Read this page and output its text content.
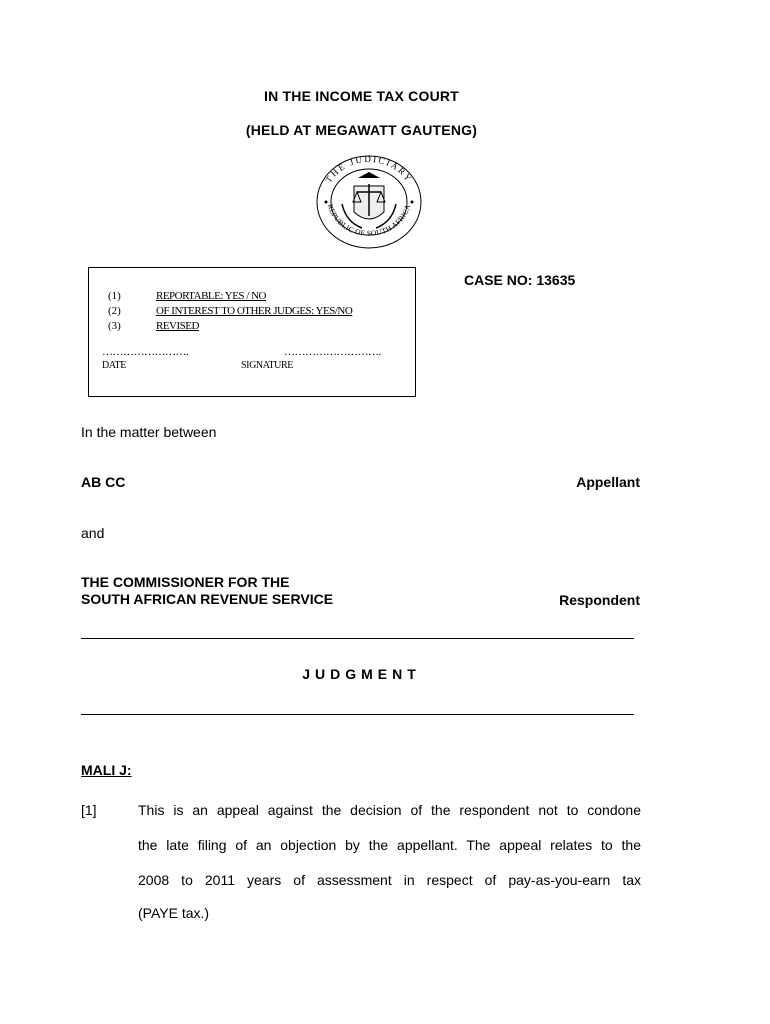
IN THE INCOME TAX COURT
(HELD AT MEGAWATT GAUTENG)
THE JUDICIARY
REPUBLIC OF SOUTH AFRICA
(1)	REPORTABLE: YES / NO
(2)	OF INTEREST TO OTHER JUDGES: YES/NO
(3)	REVISED
…………………….	……………………….
DATE	SIGNATURE
CASE NO: 13635
In the matter between
AB CC	Appellant
and
THE COMMISSIONER FOR THE
SOUTH AFRICAN REVENUE SERVICE	Respondent
JUDGMENT
MALI J:
[1]	This is an appeal against the decision of the respondent not to condone
the late filing of an objection by the appellant. The appeal relates to the
2008 to 2011 years of assessment in respect of pay-as-you-earn tax
(PAYE tax.)
